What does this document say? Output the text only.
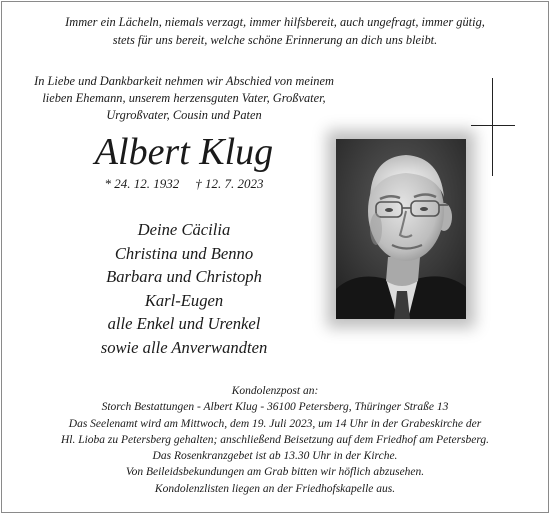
Immer ein Lächeln, niemals verzagt, immer hilfsbereit, auch ungefragt, immer gütig,
stets für uns bereit, welche schöne Erinnerung an dich uns bleibt.
In Liebe und Dankbarkeit nehmen wir Abschied von meinem
lieben Ehemann, unserem herzensguten Vater, Großvater,
Urgroßvater, Cousin und Paten
Albert Klug
* 24. 12. 1932 † 12. 7. 2023
Deine Cäcilia
Christina und Benno
Barbara und Christoph
Karl-Eugen
alle Enkel und Urenkel
sowie alle Anverwandten

Kondolenzpost an:

Storch Bestattungen - Albert Klug - 36100 Petersberg, Thüringer Straße 13

Das Seelenamt wird am Mittwoch, dem 19. Juli 2023, um 14 Uhr in der Grabeskirche der

Hl. Lioba zu Petersberg gehalten; anschließend Beisetzung auf dem Friedhof am Petersberg.

Das Rosenkranzgebet ist ab 13.30 Uhr in der Kirche.

Von Beileidsbekundungen am Grab bitten wir höflich abzusehen.

Kondolenzlisten liegen an der Friedhofskapelle aus.
